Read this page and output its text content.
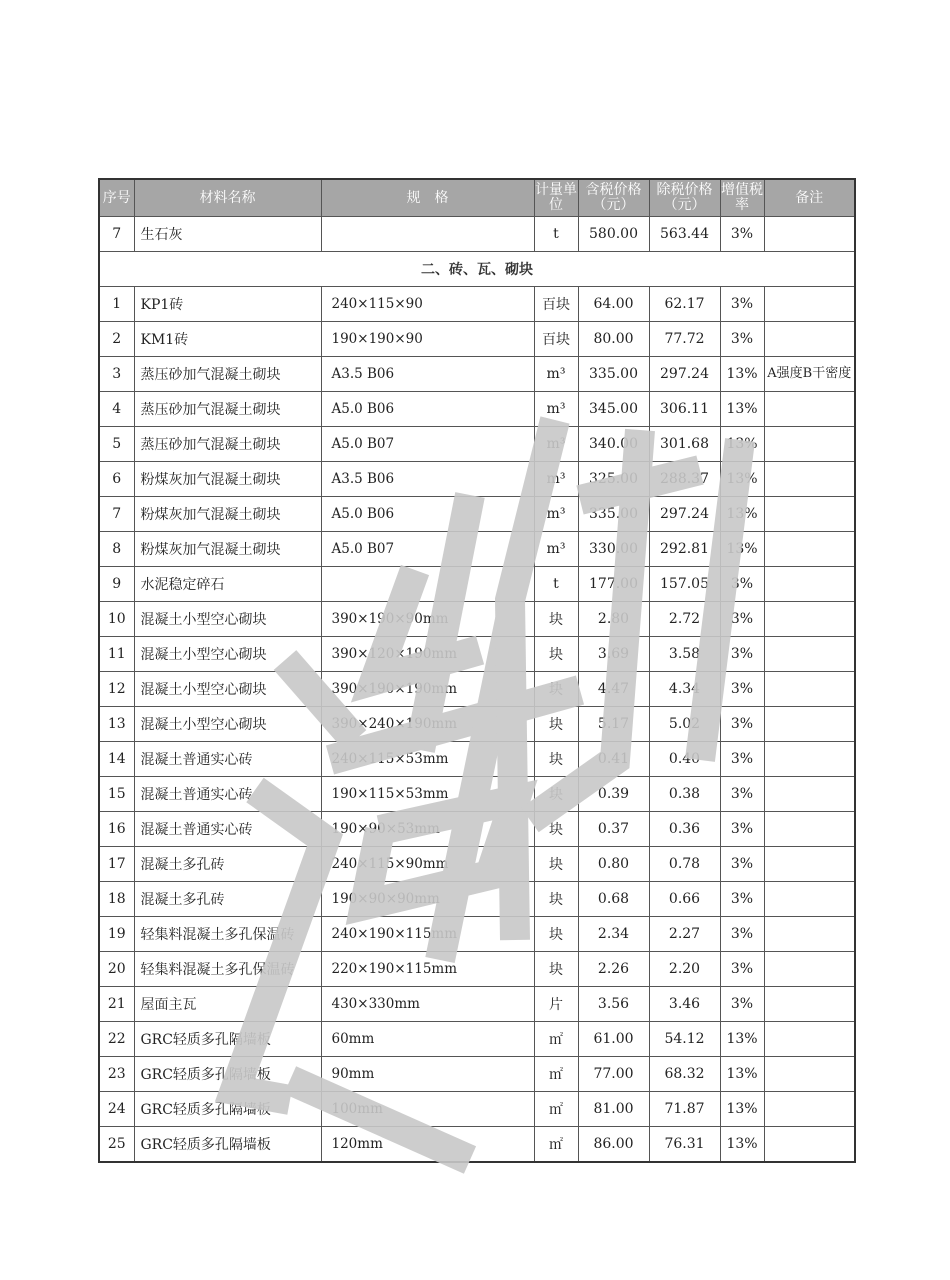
序号	材料名称	规　格	计量单位	含税价格（元）	除税价格（元）	增值税率	备注
7	生石灰		t	580.00	563.44	3%	
二、砖、瓦、砌块							
1	KP1砖	240×115×90	百块	64.00	62.17	3%	
2	KM1砖	190×190×90	百块	80.00	77.72	3%	
3	蒸压砂加气混凝土砌块	A3.5 B06	m³	335.00	297.24	13%	A强度B干密度
4	蒸压砂加气混凝土砌块	A5.0 B06	m³	345.00	306.11	13%	
5	蒸压砂加气混凝土砌块	A5.0 B07	m³	340.00	301.68	13%	
6	粉煤灰加气混凝土砌块	A3.5 B06	m³	325.00	288.37	13%	
7	粉煤灰加气混凝土砌块	A5.0 B06	m³	335.00	297.24	13%	
8	粉煤灰加气混凝土砌块	A5.0 B07	m³	330.00	292.81	13%	
9	水泥稳定碎石		t	177.00	157.05	3%	
10	混凝土小型空心砌块	390×190×90mm	块	2.80	2.72	3%	
11	混凝土小型空心砌块	390×120×190mm	块	3.69	3.58	3%	
12	混凝土小型空心砌块	390×190×190mm	块	4.47	4.34	3%	
13	混凝土小型空心砌块	390×240×190mm	块	5.17	5.02	3%	
14	混凝土普通实心砖	240×115×53mm	块	0.41	0.40	3%	
15	混凝土普通实心砖	190×115×53mm	块	0.39	0.38	3%	
16	混凝土普通实心砖	190×90×53mm	块	0.37	0.36	3%	
17	混凝土多孔砖	240×115×90mm	块	0.80	0.78	3%	
18	混凝土多孔砖	190×90×90mm	块	0.68	0.66	3%	
19	轻集料混凝土多孔保温砖	240×190×115mm	块	2.34	2.27	3%	
20	轻集料混凝土多孔保温砖	220×190×115mm	块	2.26	2.20	3%	
21	屋面主瓦	430×330mm	片	3.56	3.46	3%	
22	GRC轻质多孔隔墙板	60mm	㎡	61.00	54.12	13%	
23	GRC轻质多孔隔墙板	90mm	㎡	77.00	68.32	13%	
24	GRC轻质多孔隔墙板	100mm	㎡	81.00	71.87	13%	
25	GRC轻质多孔隔墙板	120mm	㎡	86.00	76.31	13%	
